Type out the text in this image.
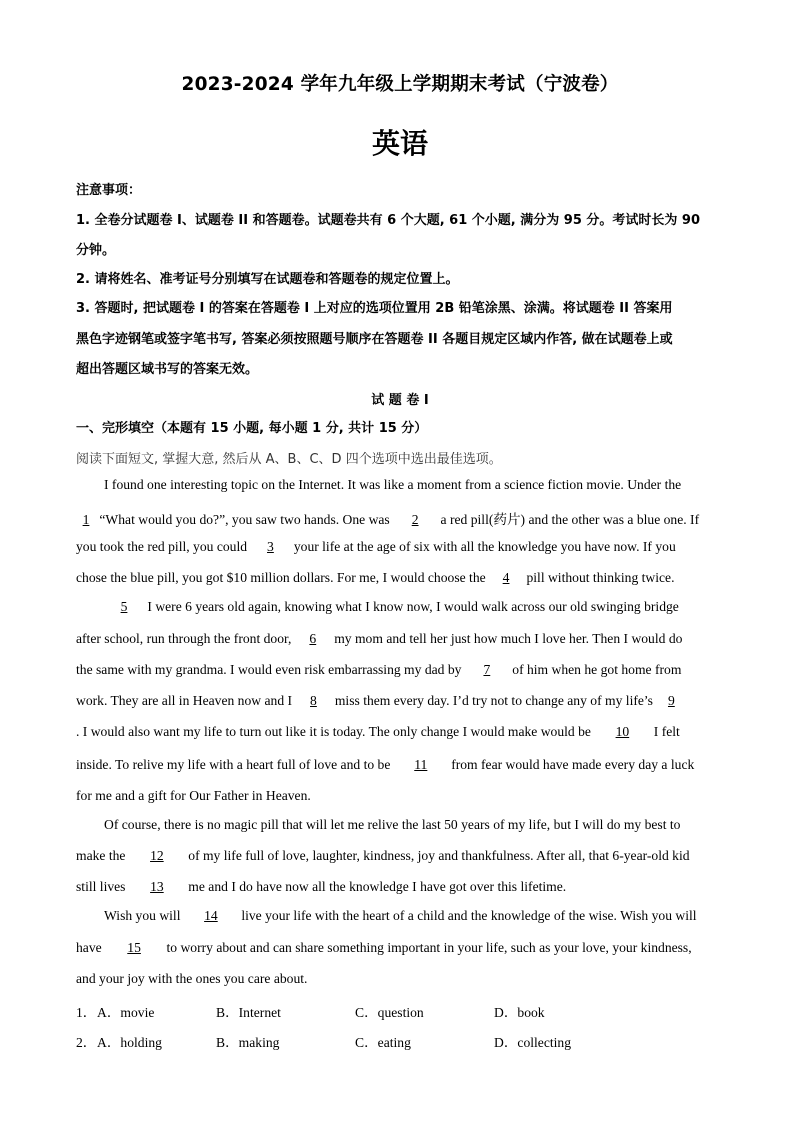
2023-2024 学年九年级上学期期末考试（宁波卷）
英语
注意事项：
1. 全卷分试题卷 I、试题卷 II 和答题卷。试题卷共有 6 个大题, 61 个小题, 满分为 95 分。考试时长为 90
分钟。
2. 请将姓名、准考证号分别填写在试题卷和答题卷的规定位置上。
3. 答题时, 把试题卷 I 的答案在答题卷 I 上对应的选项位置用 2B 铅笔涂黑、涂满。将试题卷 II 答案用
黑色字迹钢笔或签字笔书写, 答案必须按照题号顺序在答题卷 II 各题目规定区域内作答, 做在试题卷上或
超出答题区域书写的答案无效。
试 题 卷 I
一、完形填空（本题有 15 小题, 每小题 1 分, 共计 15 分）
阅读下面短文, 掌握大意, 然后从 A、B、C、D 四个选项中选出最佳选项。
I found one interesting topic on the Internet. It was like a moment from a science fiction movie. Under the
1 “What would you do?”, you saw two hands. One was 2 a red pill(药片) and the other was a blue one. If
you took the red pill, you could 3 your life at the age of six with all the knowledge you have now. If you
chose the blue pill, you got $10 million dollars. For me, I would choose the 4 pill without thinking twice.
5 I were 6 years old again, knowing what I know now, I would walk across our old swinging bridge
after school, run through the front door, 6 my mom and tell her just how much I love her. Then I would do
the same with my grandma. I would even risk embarrassing my dad by 7 of him when he got home from
work. They are all in Heaven now and I 8 miss them every day. I’d try not to change any of my life’s 9
. I would also want my life to turn out like it is today. The only change I would make would be 10 I felt
inside. To relive my life with a heart full of love and to be 11 from fear would have made every day a luck
for me and a gift for Our Father in Heaven.
Of course, there is no magic pill that will let me relive the last 50 years of my life, but I will do my best to
make the 12 of my life full of love, laughter, kindness, joy and thankfulness. After all, that 6-year-old kid
still lives 13 me and I do have now all the knowledge I have got over this lifetime.
Wish you will 14 live your life with the heart of a child and the knowledge of the wise. Wish you will
have 15 to worry about and can share something important in your life, such as your love, your kindness,
and your joy with the ones you care about.
1． A．movie	B．Internet	C．question	D．book
2． A．holding	B．making	C．eating	D．collecting
